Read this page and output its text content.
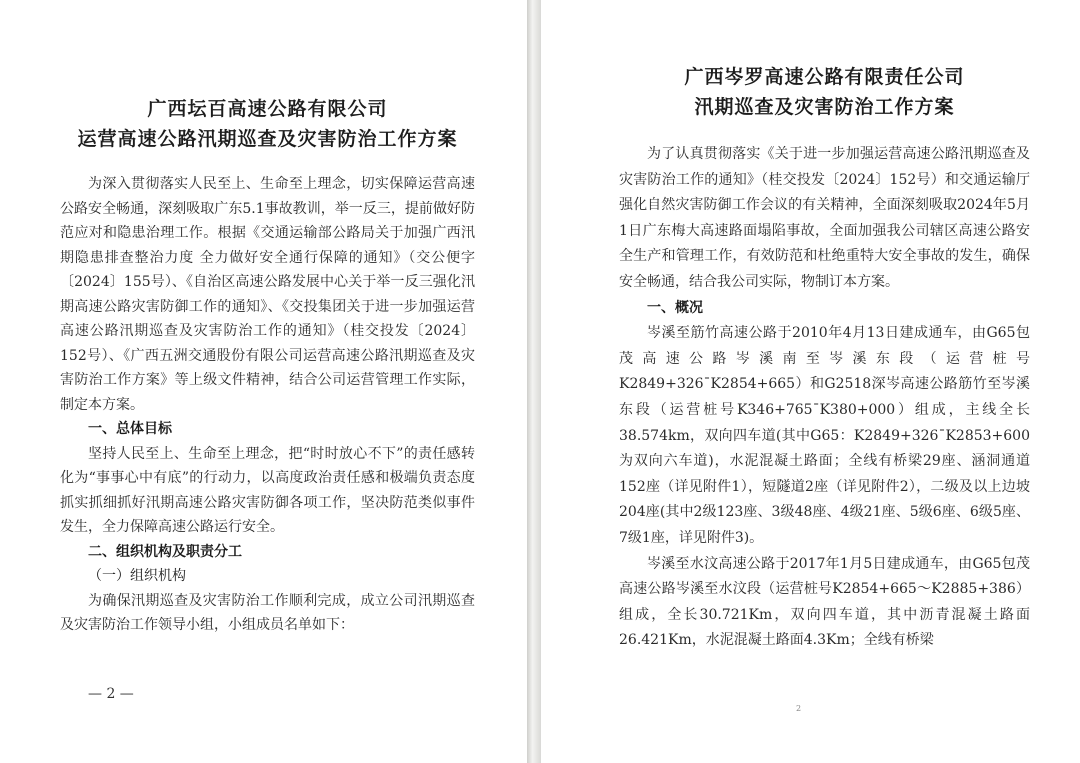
广西坛百高速公路有限公司

运营高速公路汛期巡查及灾害防治工作方案

为深入贯彻落实人民至上、生命至上理念，切实保障运营高速公路安全畅通，深刻吸取广东5.1事故教训，举一反三，提前做好防范应对和隐患治理工作。根据《交通运输部公路局关于加强广西汛期隐患排查整治力度 全力做好安全通行保障的通知》（交公便字〔2024〕155号）、《自治区高速公路发展中心关于举一反三强化汛期高速公路灾害防御工作的通知》、《交投集团关于进一步加强运营高速公路汛期巡查及灾害防治工作的通知》（桂交投发〔2024〕152号）、《广西五洲交通股份有限公司运营高速公路汛期巡查及灾害防治工作方案》等上级文件精神，结合公司运营管理工作实际，制定本方案。

一、总体目标

坚持人民至上、生命至上理念，把“时时放心不下”的责任感转化为“事事心中有底”的行动力，以高度政治责任感和极端负责态度抓实抓细抓好汛期高速公路灾害防御各项工作，坚决防范类似事件发生，全力保障高速公路运行安全。

二、组织机构及职责分工

（一）组织机构

为确保汛期巡查及灾害防治工作顺利完成，成立公司汛期巡查及灾害防治工作领导小组，小组成员名单如下：

— 2 —

广西岑罗高速公路有限责任公司

汛期巡查及灾害防治工作方案

为了认真贯彻落实《关于进一步加强运营高速公路汛期巡查及灾害防治工作的通知》（桂交投发〔2024〕152号）和交通运输厅强化自然灾害防御工作会议的有关精神，全面深刻吸取2024年5月1日广东梅大高速路面塌陷事故，全面加强我公司辖区高速公路安全生产和管理工作，有效防范和杜绝重特大安全事故的发生，确保安全畅通，结合我公司实际，物制订本方案。

一、概况

岑溪至筋竹高速公路于2010年4月13日建成通车，由G65包茂高速公路岑溪南至岑溪东段（运营桩号K2849+326¯K2854+665）和G2518深岑高速公路筋竹至岑溪东段（运营桩号K346+765¯K380+000）组成，主线全长38.574km，双向四车道(其中G65：K2849+326¯K2853+600为双向六车道)，水泥混凝土路面；全线有桥梁29座、涵洞通道152座（详见附件1），短隧道2座（详见附件2），二级及以上边坡204座(其中2级123座、3级48座、4级21座、5级6座、6级5座、7级1座，详见附件3)。

岑溪至水汶高速公路于2017年1月5日建成通车，由G65包茂高速公路岑溪至水汶段（运营桩号K2854+665～K2885+386）组成，全长30.721Km，双向四车道，其中沥青混凝土路面26.421Km，水泥混凝土路面4.3Km；全线有桥梁

2
